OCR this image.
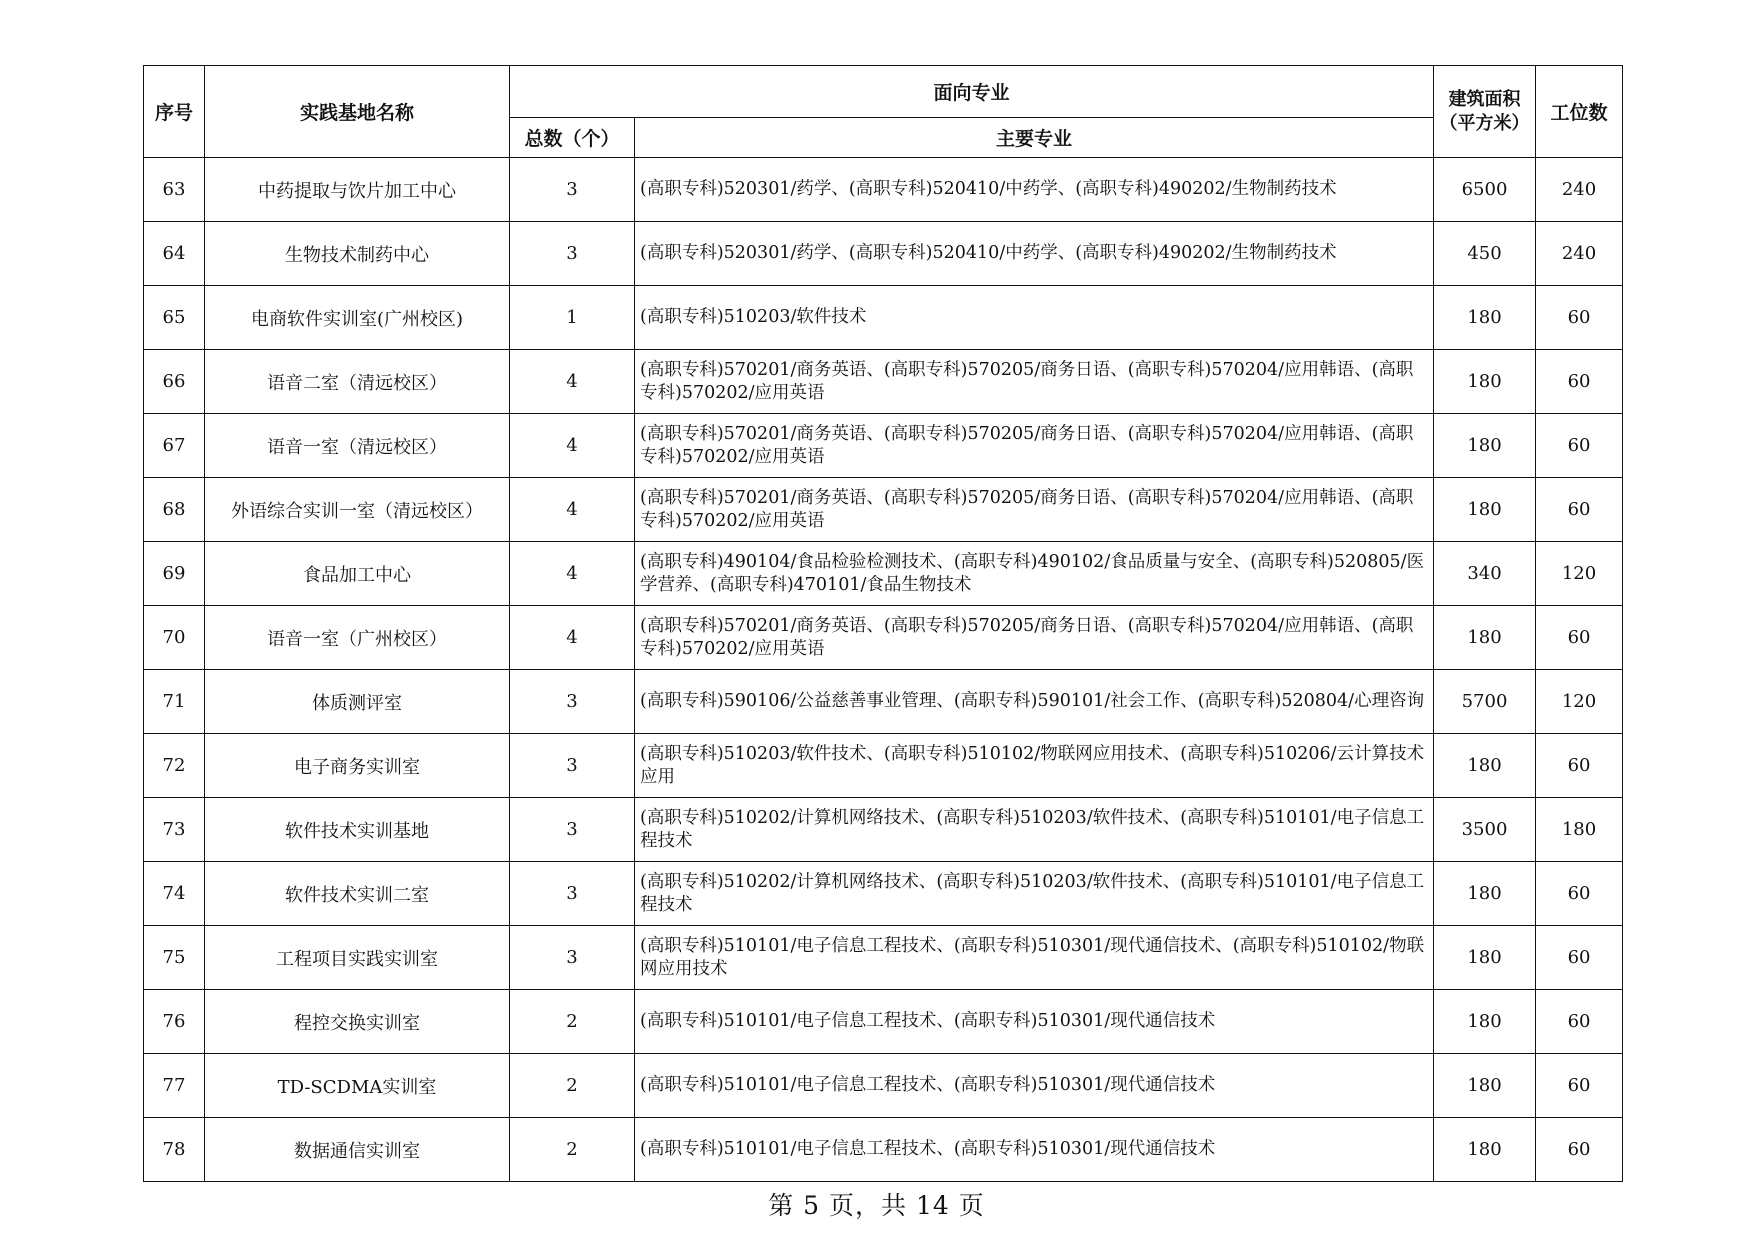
序号	实践基地名称	面向专业		建筑面积（平方米）	工位数
		总数（个）	主要专业		
63	中药提取与饮片加工中心	3	(高职专科)520301/药学、(高职专科)520410/中药学、(高职专科)490202/生物制药技术	6500	240
64	生物技术制药中心	3	(高职专科)520301/药学、(高职专科)520410/中药学、(高职专科)490202/生物制药技术	450	240
65	电商软件实训室(广州校区)	1	(高职专科)510203/软件技术	180	60
66	语音二室（清远校区）	4	(高职专科)570201/商务英语、(高职专科)570205/商务日语、(高职专科)570204/应用韩语、(高职专科)570202/应用英语	180	60
67	语音一室（清远校区）	4	(高职专科)570201/商务英语、(高职专科)570205/商务日语、(高职专科)570204/应用韩语、(高职专科)570202/应用英语	180	60
68	外语综合实训一室（清远校区）	4	(高职专科)570201/商务英语、(高职专科)570205/商务日语、(高职专科)570204/应用韩语、(高职专科)570202/应用英语	180	60
69	食品加工中心	4	(高职专科)490104/食品检验检测技术、(高职专科)490102/食品质量与安全、(高职专科)520805/医学营养、(高职专科)470101/食品生物技术	340	120
70	语音一室（广州校区）	4	(高职专科)570201/商务英语、(高职专科)570205/商务日语、(高职专科)570204/应用韩语、(高职专科)570202/应用英语	180	60
71	体质测评室	3	(高职专科)590106/公益慈善事业管理、(高职专科)590101/社会工作、(高职专科)520804/心理咨询	5700	120
72	电子商务实训室	3	(高职专科)510203/软件技术、(高职专科)510102/物联网应用技术、(高职专科)510206/云计算技术应用	180	60
73	软件技术实训基地	3	(高职专科)510202/计算机网络技术、(高职专科)510203/软件技术、(高职专科)510101/电子信息工程技术	3500	180
74	软件技术实训二室	3	(高职专科)510202/计算机网络技术、(高职专科)510203/软件技术、(高职专科)510101/电子信息工程技术	180	60
75	工程项目实践实训室	3	(高职专科)510101/电子信息工程技术、(高职专科)510301/现代通信技术、(高职专科)510102/物联网应用技术	180	60
76	程控交换实训室	2	(高职专科)510101/电子信息工程技术、(高职专科)510301/现代通信技术	180	60
77	TD-SCDMA实训室	2	(高职专科)510101/电子信息工程技术、(高职专科)510301/现代通信技术	180	60
78	数据通信实训室	2	(高职专科)510101/电子信息工程技术、(高职专科)510301/现代通信技术	180	60
第 5 页，共 14 页
